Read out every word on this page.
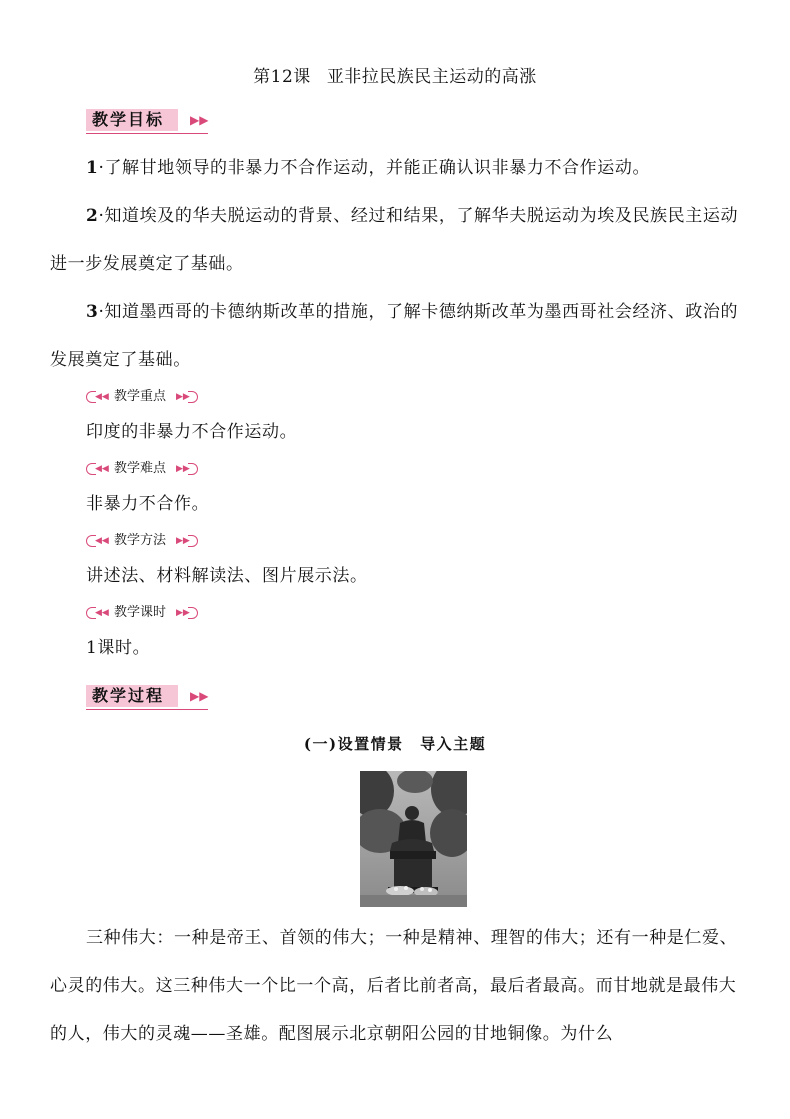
第12课 亚非拉民族民主运动的高涨
教学目标 ▶▶

1·了解甘地领导的非暴力不合作运动，并能正确认识非暴力不合作运动。

2·知道埃及的华夫脱运动的背景、经过和结果，了解华夫脱运动为埃及民族民主运动进一步发展奠定了基础。

3·知道墨西哥的卡德纳斯改革的措施，了解卡德纳斯改革为墨西哥社会经济、政治的发展奠定了基础。

◀◀ 教学重点 ▶▶
印度的非暴力不合作运动。
◀◀ 教学难点 ▶▶
非暴力不合作。
◀◀ 教学方法 ▶▶
讲述法、材料解读法、图片展示法。
◀◀ 教学课时 ▶▶
1课时。
教学过程 ▶▶
(一)设置情景　导入主题

三种伟大：一种是帝王、首领的伟大；一种是精神、理智的伟大；还有一种是仁爱、心灵的伟大。这三种伟大一个比一个高，后者比前者高，最后者最高。而甘地就是最伟大的人，伟大的灵魂——圣雄。配图展示北京朝阳公园的甘地铜像。为什么
